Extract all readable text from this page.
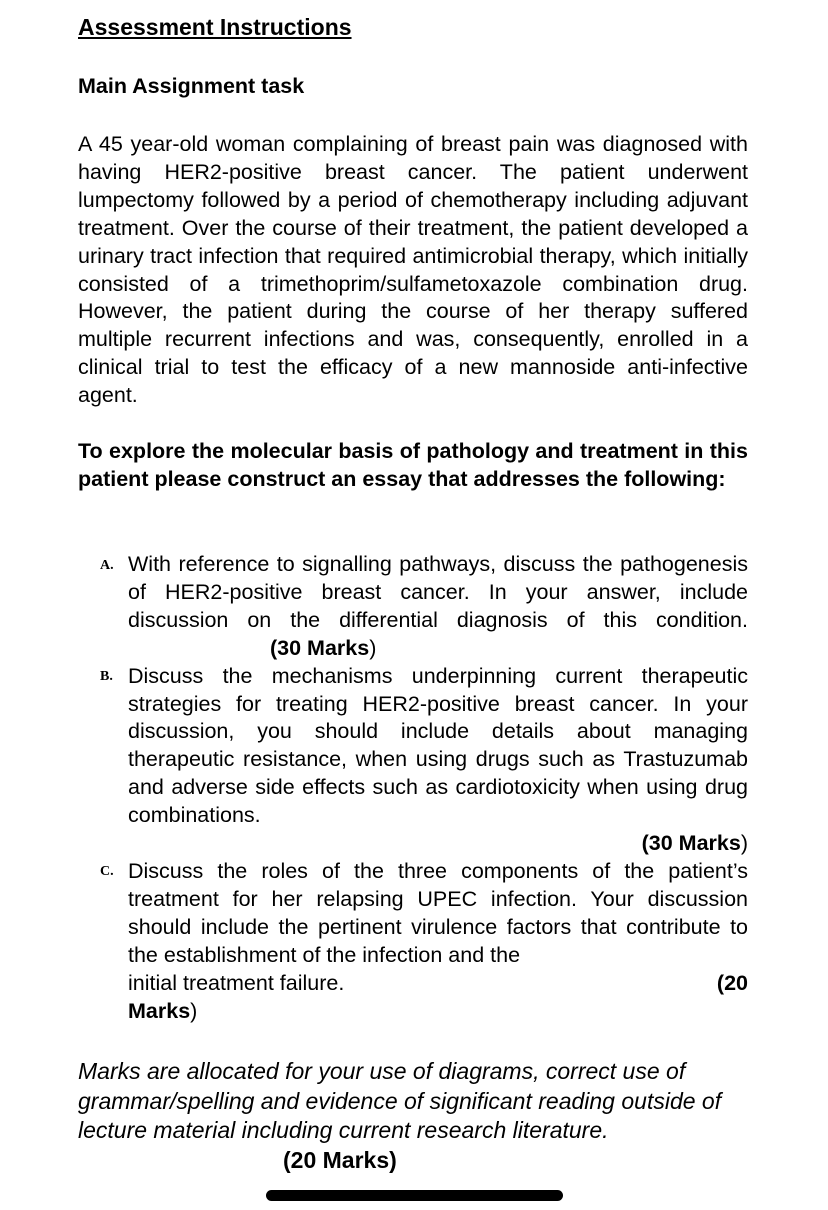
Assessment Instructions
Main Assignment task

A 45 year-old woman complaining of breast pain was diagnosed with having HER2-positive breast cancer. The patient underwent lumpectomy followed by a period of chemotherapy including adjuvant treatment. Over the course of their treatment, the patient developed a urinary tract infection that required antimicrobial therapy, which initially consisted of a trimethoprim/sulfametoxazole combination drug. However, the patient during the course of her therapy suffered multiple recurrent infections and was, consequently, enrolled in a clinical trial to test the efficacy of a new mannoside anti-infective agent.

To explore the molecular basis of pathology and treatment in this patient please construct an essay that addresses the following:

A. With reference to signalling pathways, discuss the pathogenesis of HER2-positive breast cancer. In your answer, include discussion on the differential diagnosis of this condition.(30 Marks)
B. Discuss the mechanisms underpinning current therapeutic strategies for treating HER2-positive breast cancer. In your discussion, you should include details about managing therapeutic resistance, when using drugs such as Trastuzumab and adverse side effects such as cardiotoxicity when using drug combinations.
(30 Marks)
C. Discuss the roles of the three components of the patient’s treatment for her relapsing UPEC infection. Your discussion should include the pertinent virulence factors that contribute to the establishment of the infection and the
initial treatment failure.	(20
Marks)

Marks are allocated for your use of diagrams, correct use of grammar/spelling and evidence of significant reading outside of lecture material including current research literature.(20 Marks)
